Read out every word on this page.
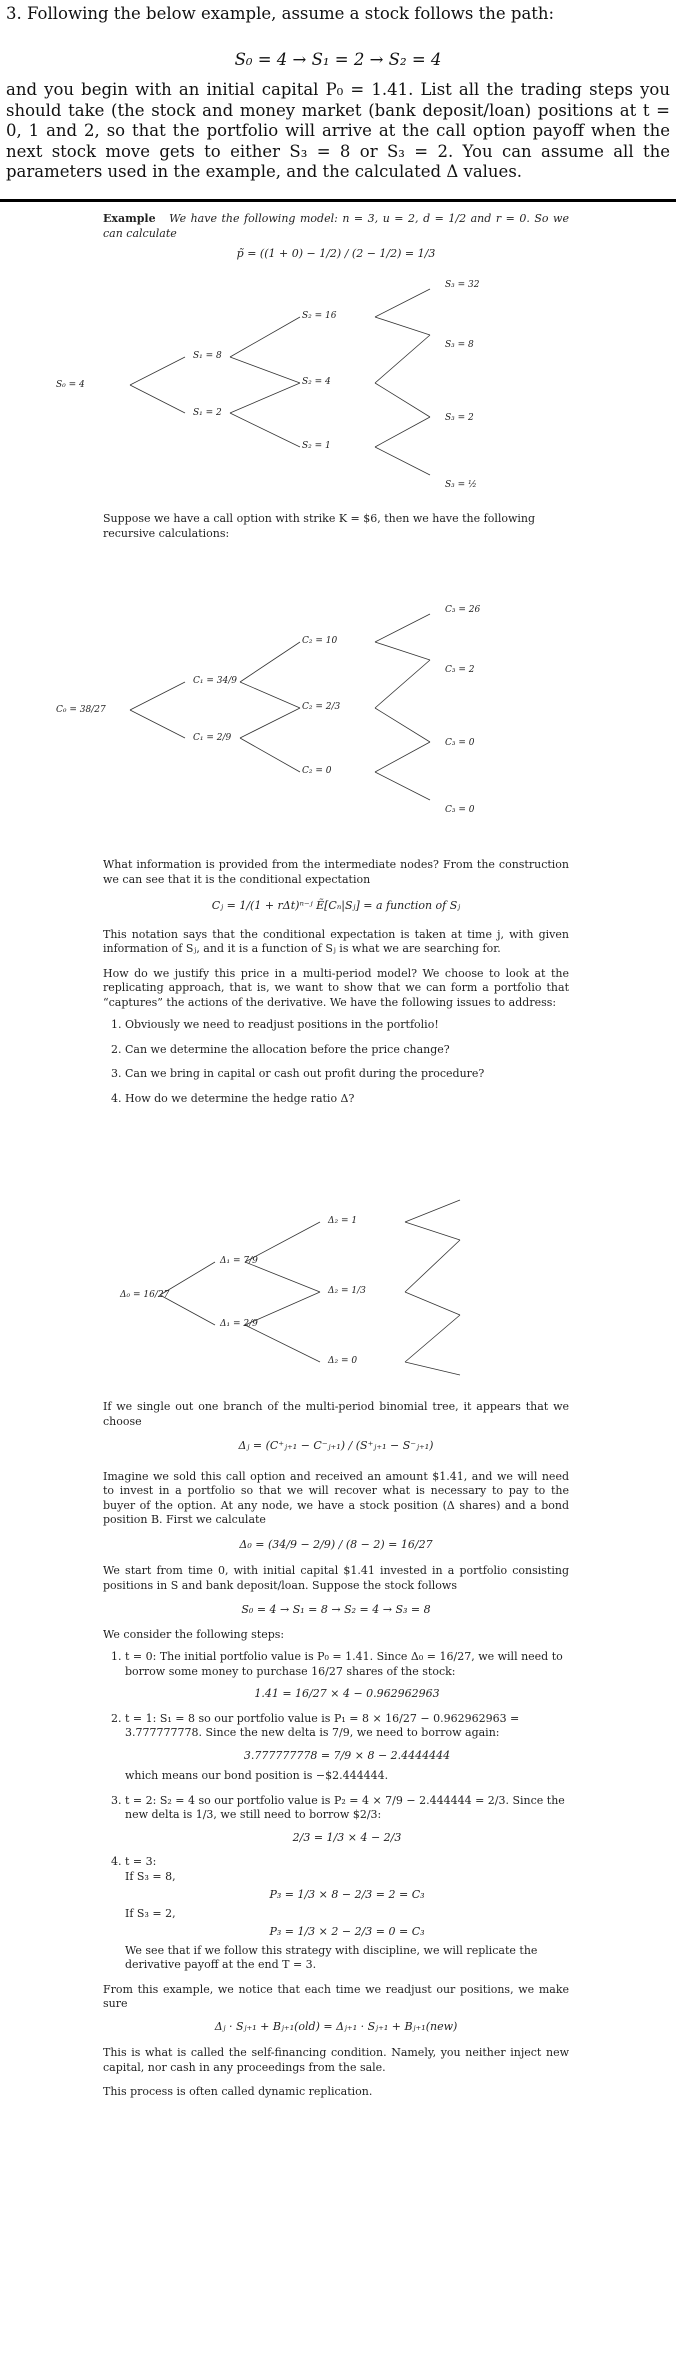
3. Following the below example, assume a stock follows the path:

S₀ = 4 → S₁ = 2 → S₂ = 4

and you begin with an initial capital P₀ = 1.41. List all the trading steps you should take (the stock and money market (bank deposit/loan) positions at t = 0, 1 and 2, so that the portfolio will arrive at the call option payoff when the next stock move gets to either S₃ = 8 or S₃ = 2. You can assume all the parameters used in the example, and the calculated Δ values.

Example We have the following model: n = 3, u = 2, d = 1/2 and r = 0. So we can calculate

p̃ = ((1 + 0) − 1/2) / (2 − 1/2) = 1/3
S₀ = 4
S₁ = 8
S₁ = 2
S₂ = 16
S₂ = 4
S₂ = 1
S₃ = 32
S₃ = 8
S₃ = 2
S₃ = ½
Suppose we have a call option with strike K = $6, then we have the following recursive calculations:
C₀ = 38/27
C₁ = 34/9
C₁ = 2/9
C₂ = 10
C₂ = 2/3
C₂ = 0
C₃ = 26
C₃ = 2
C₃ = 0
C₃ = 0

What information is provided from the intermediate nodes? From the construction we can see that it is the conditional expectation

Cⱼ = 1/(1 + rΔt)ⁿ⁻ʲ Ẽ[Cₙ|Sⱼ] = a function of Sⱼ

This notation says that the conditional expectation is taken at time j, with given information of Sⱼ, and it is a function of Sⱼ is what we are searching for.

How do we justify this price in a multi-period model? We choose to look at the replicating approach, that is, we want to show that we can form a portfolio that “captures” the actions of the derivative. We have the following issues to address:

1. Obviously we need to readjust positions in the portfolio!
2. Can we determine the allocation before the price change?
3. Can we bring in capital or cash out profit during the procedure?
4. How do we determine the hedge ratio Δ?
Δ₀ = 16/27
Δ₁ = 7/9
Δ₁ = 2/9
Δ₂ = 1
Δ₂ = 1/3
Δ₂ = 0

If we single out one branch of the multi-period binomial tree, it appears that we choose

Δⱼ = (C⁺ⱼ₊₁ − C⁻ⱼ₊₁) / (S⁺ⱼ₊₁ − S⁻ⱼ₊₁)

Imagine we sold this call option and received an amount $1.41, and we will need to invest in a portfolio so that we will recover what is necessary to pay to the buyer of the option. At any node, we have a stock position (Δ shares) and a bond position B. First we calculate

Δ₀ = (34/9 − 2/9) / (8 − 2) = 16/27

We start from time 0, with initial capital $1.41 invested in a portfolio consisting positions in S and bank deposit/loan. Suppose the stock follows

S₀ = 4 → S₁ = 8 → S₂ = 4 → S₃ = 8

We consider the following steps:

1. t = 0: The initial portfolio value is P₀ = 1.41. Since Δ₀ = 16/27, we will need to borrow some money to purchase 16/27 shares of the stock:
1.41 = 16/27 × 4 − 0.962962963
2. t = 1: S₁ = 8 so our portfolio value is P₁ = 8 × 16/27 − 0.962962963 = 3.777777778. Since the new delta is 7/9, we need to borrow again:
3.777777778 = 7/9 × 8 − 2.4444444
which means our bond position is −$2.444444.
3. t = 2: S₂ = 4 so our portfolio value is P₂ = 4 × 7/9 − 2.444444 = 2/3. Since the new delta is 1/3, we still need to borrow $2/3:
2/3 = 1/3 × 4 − 2/3
4. t = 3:
If S₃ = 8,
P₃ = 1/3 × 8 − 2/3 = 2 = C₃
If S₃ = 2,
P₃ = 1/3 × 2 − 2/3 = 0 = C₃
We see that if we follow this strategy with discipline, we will replicate the derivative payoff at the end T = 3.

From this example, we notice that each time we readjust our positions, we make sure

Δⱼ · Sⱼ₊₁ + Bⱼ₊₁(old) = Δⱼ₊₁ · Sⱼ₊₁ + Bⱼ₊₁(new)

This is what is called the self-financing condition. Namely, you neither inject new capital, nor cash in any proceedings from the sale.

This process is often called dynamic replication.
